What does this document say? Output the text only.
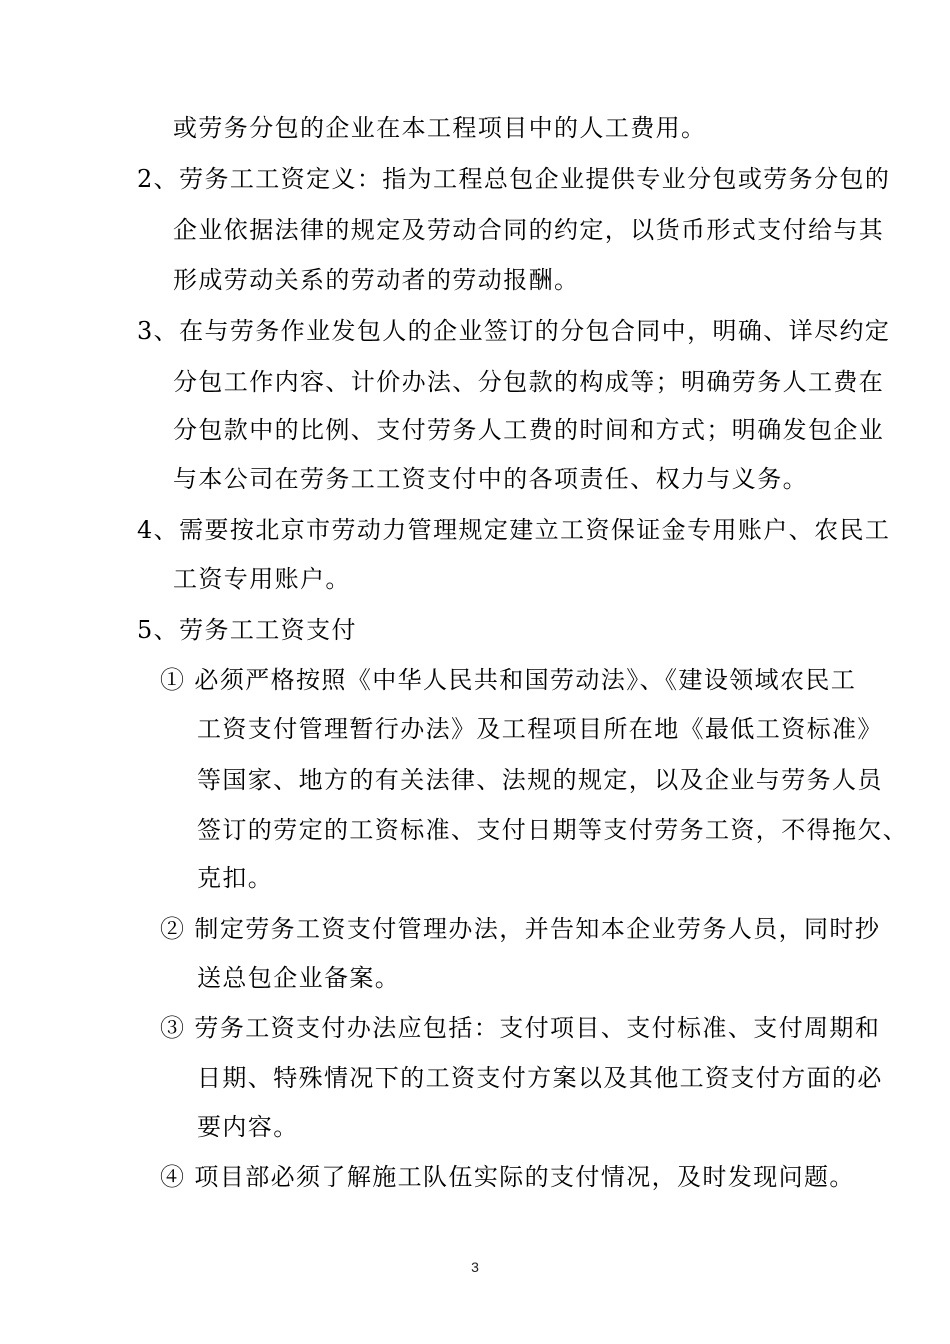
或劳务分包的企业在本工程项目中的人工费用。
2、劳务工工资定义：指为工程总包企业提供专业分包或劳务分包的
企业依据法律的规定及劳动合同的约定，以货币形式支付给与其
形成劳动关系的劳动者的劳动报酬。
3、在与劳务作业发包人的企业签订的分包合同中，明确、详尽约定
分包工作内容、计价办法、分包款的构成等；明确劳务人工费在
分包款中的比例、支付劳务人工费的时间和方式；明确发包企业
与本公司在劳务工工资支付中的各项责任、权力与义务。
4、需要按北京市劳动力管理规定建立工资保证金专用账户、农民工
工资专用账户。
5、劳务工工资支付
① 必须严格按照《中华人民共和国劳动法》、《建设领域农民工
工资支付管理暂行办法》及工程项目所在地《最低工资标准》
等国家、地方的有关法律、法规的规定，以及企业与劳务人员
签订的劳定的工资标准、支付日期等支付劳务工资，不得拖欠、
克扣。
② 制定劳务工资支付管理办法，并告知本企业劳务人员，同时抄
送总包企业备案。
③ 劳务工资支付办法应包括：支付项目、支付标准、支付周期和
日期、特殊情况下的工资支付方案以及其他工资支付方面的必
要内容。
④ 项目部必须了解施工队伍实际的支付情况，及时发现问题。
3
